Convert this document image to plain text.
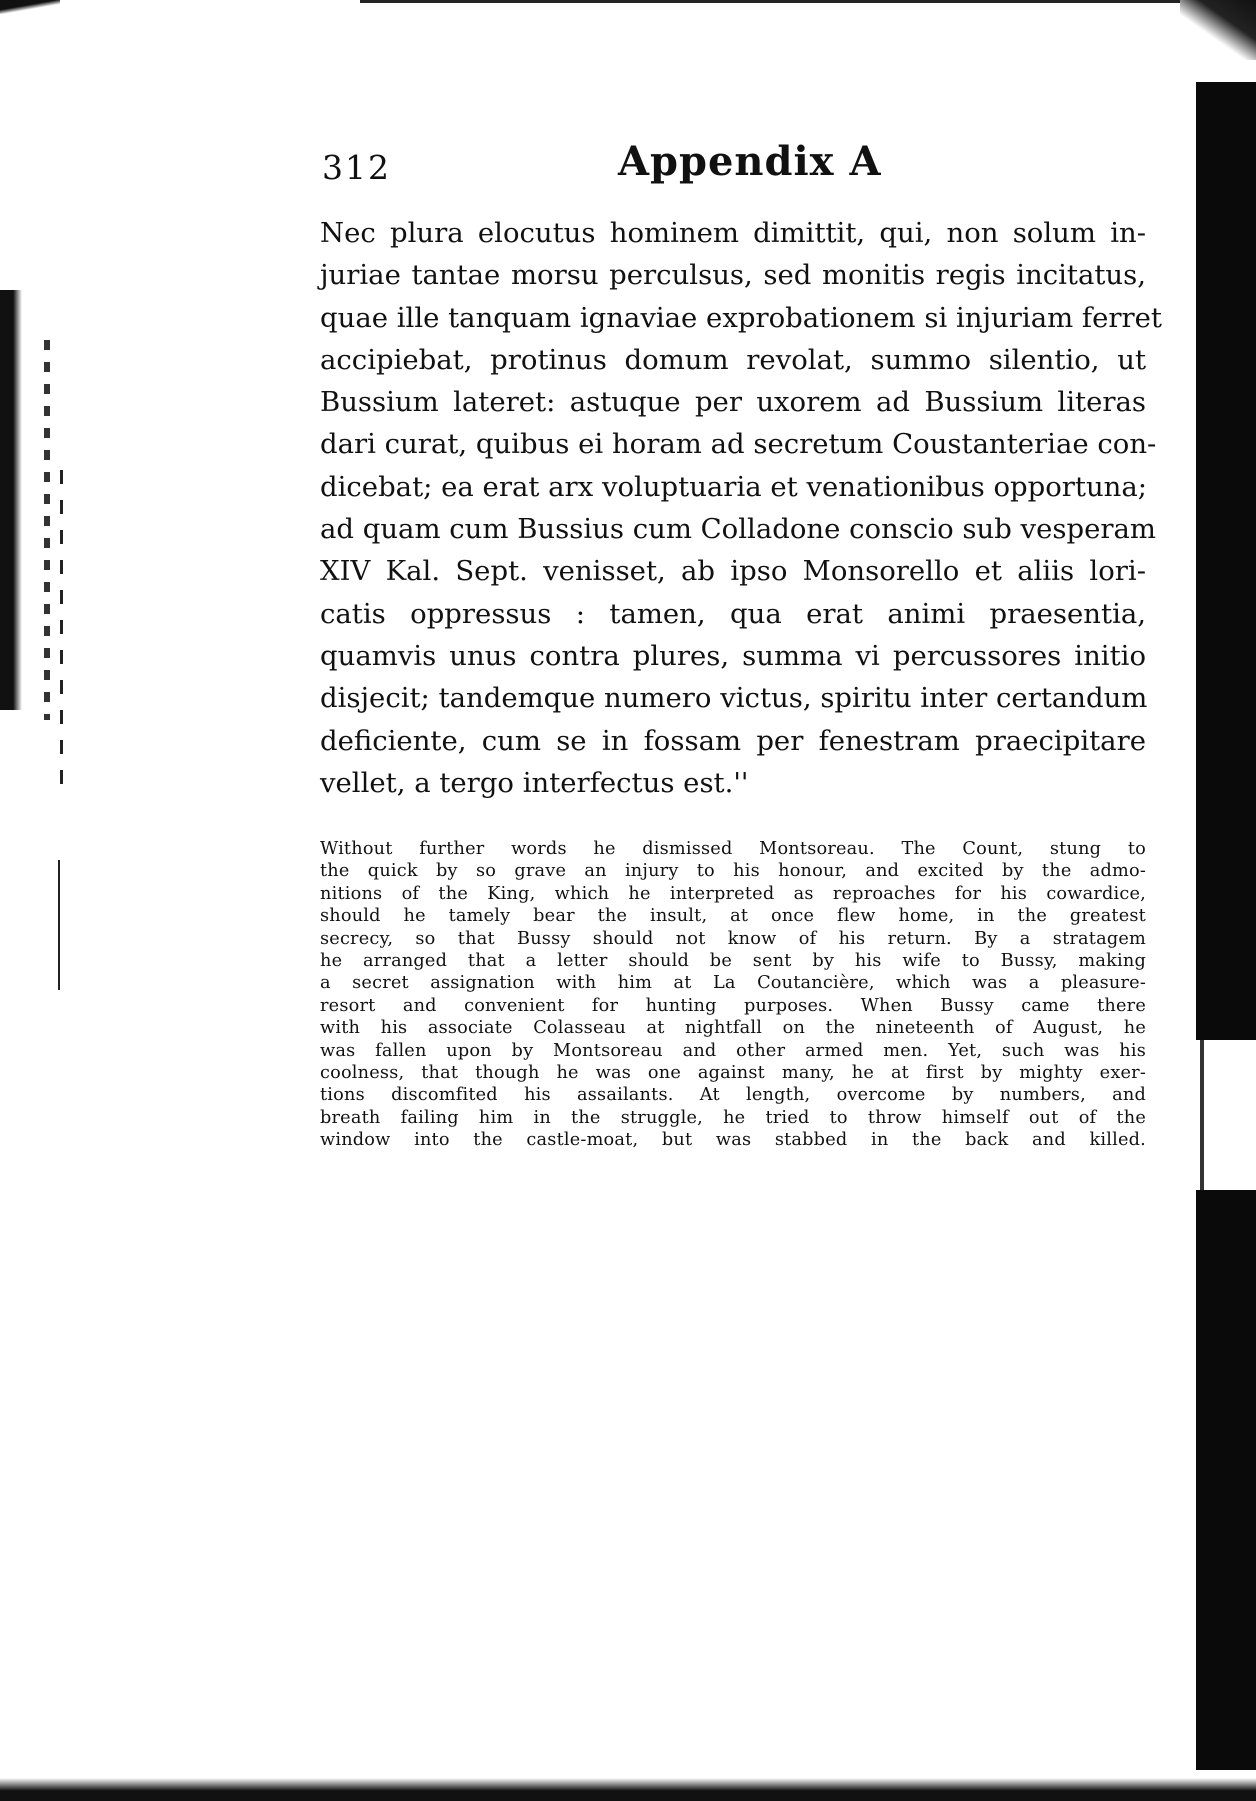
312	Appendix A
Nec plura elocutus hominem dimittit, qui, non solum in-
juriae tantae morsu perculsus, sed monitis regis incitatus,
quae ille tanquam ignaviae exprobationem si injuriam ferret
accipiebat, protinus domum revolat, summo silentio, ut
Bussium lateret: astuque per uxorem ad Bussium literas
dari curat, quibus ei horam ad secretum Coustanteriae con-
dicebat; ea erat arx voluptuaria et venationibus opportuna;
ad quam cum Bussius cum Colladone conscio sub vesperam
XIV Kal. Sept. venisset, ab ipso Monsorello et aliis lori-
catis oppressus : tamen, qua erat animi praesentia,
quamvis unus contra plures, summa vi percussores initio
disjecit; tandemque numero victus, spiritu inter certandum
deficiente, cum se in fossam per fenestram praecipitare
vellet, a tergo interfectus est.''
Without further words he dismissed Montsoreau. The Count, stung to
the quick by so grave an injury to his honour, and excited by the admo-
nitions of the King, which he interpreted as reproaches for his cowardice,
should he tamely bear the insult, at once flew home, in the greatest
secrecy, so that Bussy should not know of his return. By a stratagem
he arranged that a letter should be sent by his wife to Bussy, making
a secret assignation with him at La Coutancière, which was a pleasure-
resort and convenient for hunting purposes. When Bussy came there
with his associate Colasseau at nightfall on the nineteenth of August, he
was fallen upon by Montsoreau and other armed men. Yet, such was his
coolness, that though he was one against many, he at first by mighty exer-
tions discomfited his assailants. At length, overcome by numbers, and
breath failing him in the struggle, he tried to throw himself out of the
window into the castle-moat, but was stabbed in the back and killed.
